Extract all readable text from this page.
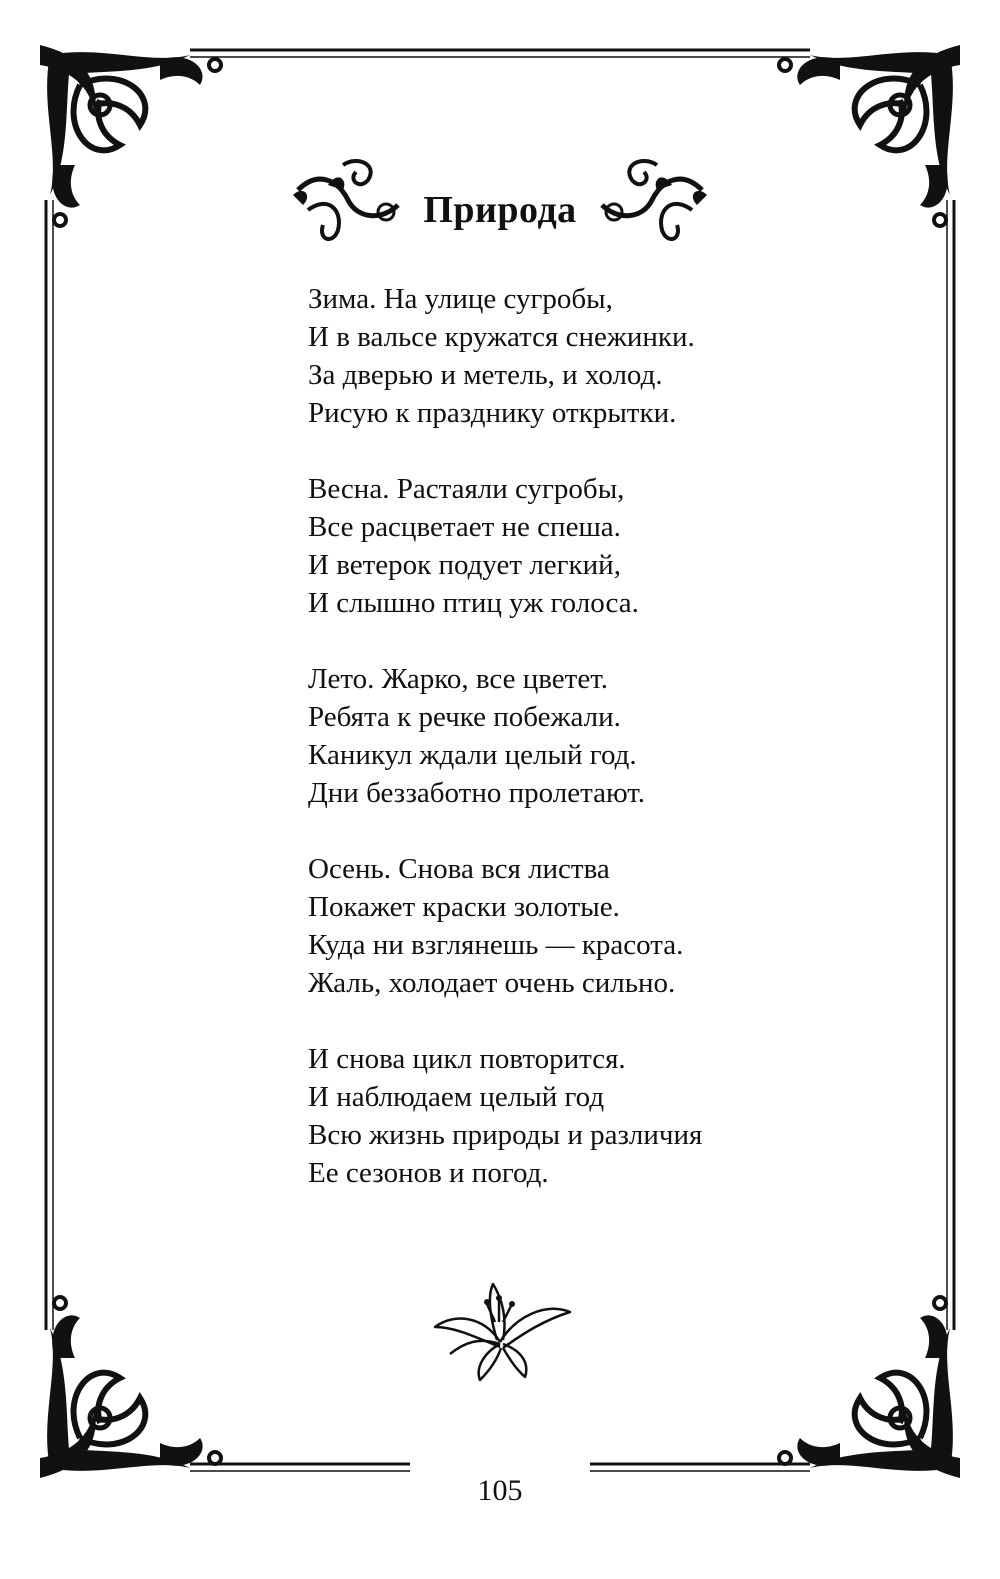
Природа
Зима. На улице сугробы,
И в вальсе кружатся снежинки.
За дверью и метель, и холод.
Рисую к празднику открытки.
Весна. Растаяли сугробы,
Все расцветает не спеша.
И ветерок подует легкий,
И слышно птиц уж голоса.
Лето. Жарко, все цветет.
Ребята к речке побежали.
Каникул ждали целый год.
Дни беззаботно пролетают.
Осень. Снова вся листва
Покажет краски золотые.
Куда ни взглянешь — красота.
Жаль, холодает очень сильно.
И снова цикл повторится.
И наблюдаем целый год
Всю жизнь природы и различия
Ее сезонов и погод.
105
